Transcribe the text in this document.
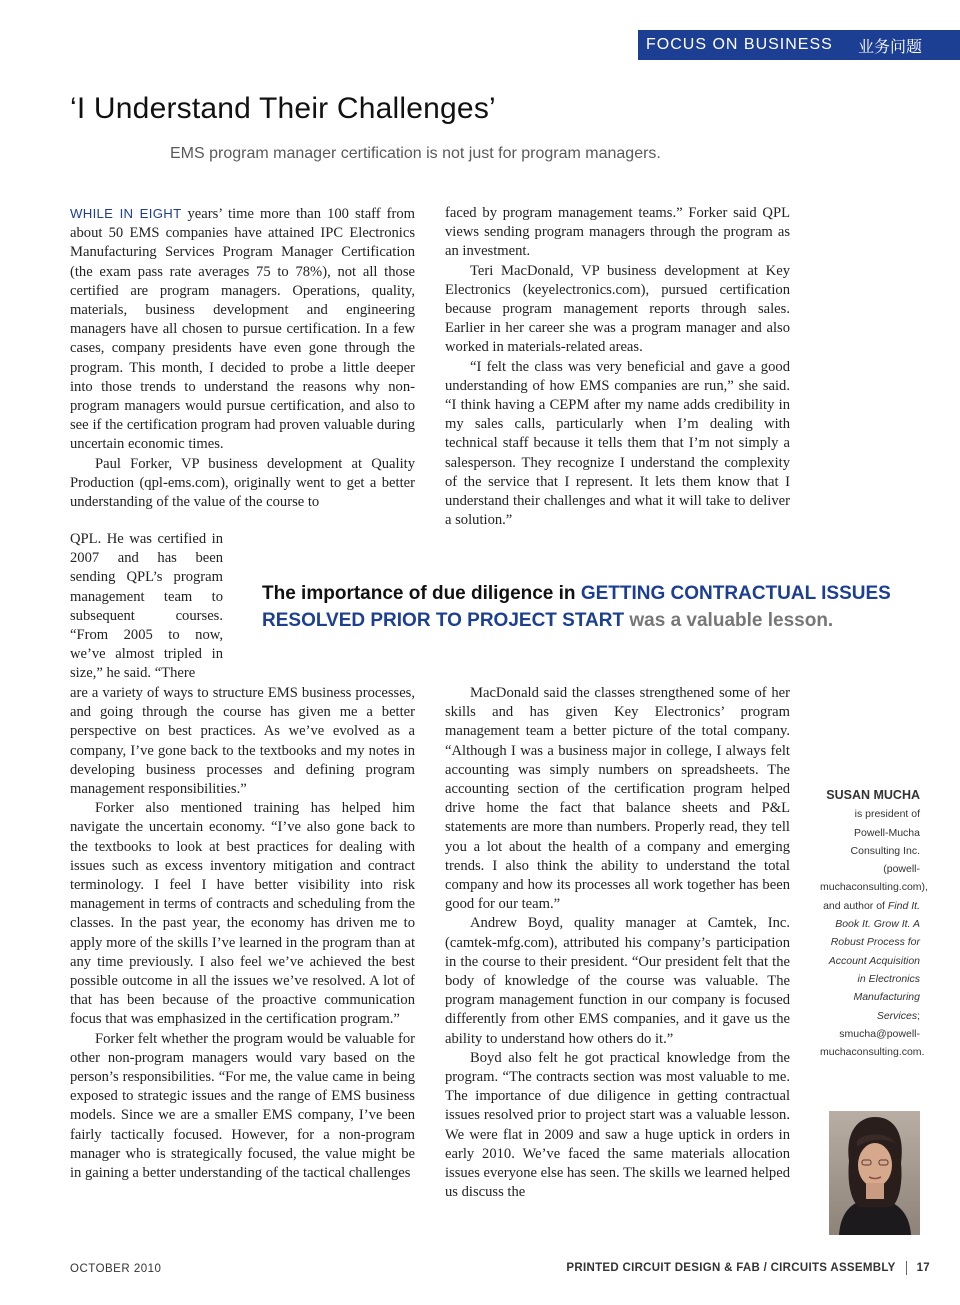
FOCUS ON BUSINESS 业务问题
‘I Understand Their Challenges’

EMS program manager certification is not just for program managers.

WHILE IN EIGHT years’ time more than 100 staff from about 50 EMS companies have attained IPC Electronics Manufacturing Services Program Manager Certification (the exam pass rate averages 75 to 78%), not all those certified are program managers. Operations, quality, materials, business development and engineering managers have all chosen to pursue certification. In a few cases, company presidents have even gone through the program. This month, I decided to probe a little deeper into those trends to understand the reasons why non-program managers would pursue certification, and also to see if the certification program had proven valuable during uncertain economic times.

Paul Forker, VP business development at Quality Production (qpl-ems.com), originally went to get a better understanding of the value of the course to

QPL. He was certified in 2007 and has been sending QPL’s program management team to subsequent courses. “From 2005 to now, we’ve almost tripled in size,” he said. “There

are a variety of ways to structure EMS business processes, and going through the course has given me a better perspective on best practices. As we’ve evolved as a company, I’ve gone back to the textbooks and my notes in developing business processes and defining program management responsibilities.”

Forker also mentioned training has helped him navigate the uncertain economy. “I’ve also gone back to the textbooks to look at best practices for dealing with issues such as excess inventory mitigation and contract terminology. I feel I have better visibility into risk management in terms of contracts and scheduling from the classes. In the past year, the economy has driven me to apply more of the skills I’ve learned in the program than at any time previously. I also feel we’ve achieved the best possible outcome in all the issues we’ve resolved. A lot of that has been because of the proactive communication focus that was emphasized in the certification program.”

Forker felt whether the program would be valuable for other non-program managers would vary based on the person’s responsibilities. “For me, the value came in being exposed to strategic issues and the range of EMS business models. Since we are a smaller EMS company, I’ve been fairly tactically focused. However, for a non-program manager who is strategically focused, the value might be in gaining a better understanding of the tactical challenges

faced by program management teams.” Forker said QPL views sending program managers through the program as an investment.

Teri MacDonald, VP business development at Key Electronics (keyelectronics.com), pursued certification because program management reports through sales. Earlier in her career she was a program manager and also worked in materials-related areas.

“I felt the class was very beneficial and gave a good understanding of how EMS companies are run,” she said. “I think having a CEPM after my name adds credibility in my sales calls, particularly when I’m dealing with technical staff because it tells them that I’m not simply a salesperson. They recognize I understand the complexity of the service that I represent. It lets them know that I understand their challenges and what it will take to deliver a solution.”

The importance of due diligence in GETTING CONTRACTUAL ISSUES RESOLVED PRIOR TO PROJECT START was a valuable lesson.

MacDonald said the classes strengthened some of her skills and has given Key Electronics’ program management team a better picture of the total company. “Although I was a business major in college, I always felt accounting was simply numbers on spreadsheets. The accounting section of the certification program helped drive home the fact that balance sheets and P&L statements are more than numbers. Properly read, they tell you a lot about the health of a company and emerging trends. I also think the ability to understand the total company and how its processes all work together has been good for our team.”

Andrew Boyd, quality manager at Camtek, Inc. (camtek-mfg.com), attributed his company’s participation in the course to their president. “Our president felt that the body of knowledge of the course was valuable. The program management function in our company is focused differently from other EMS companies, and it gave us the ability to understand how others do it.”

Boyd also felt he got practical knowledge from the program. “The contracts section was most valuable to me. The importance of due diligence in getting contractual issues resolved prior to project start was a valuable lesson. We were flat in 2009 and saw a huge uptick in orders in early 2010. We’ve faced the same materials allocation issues everyone else has seen. The skills we learned helped us discuss the

SUSAN MUCHA is president of Powell-Mucha Consulting Inc. (powell-muchaconsulting.com), and author of Find It. Book It. Grow It. A Robust Process for Account Acquisition in Electronics Manufacturing Services; smucha@powell-muchaconsulting.com.
OCTOBER 2010	PRINTED CIRCUIT DESIGN & FAB / CIRCUITS ASSEMBLY 17
